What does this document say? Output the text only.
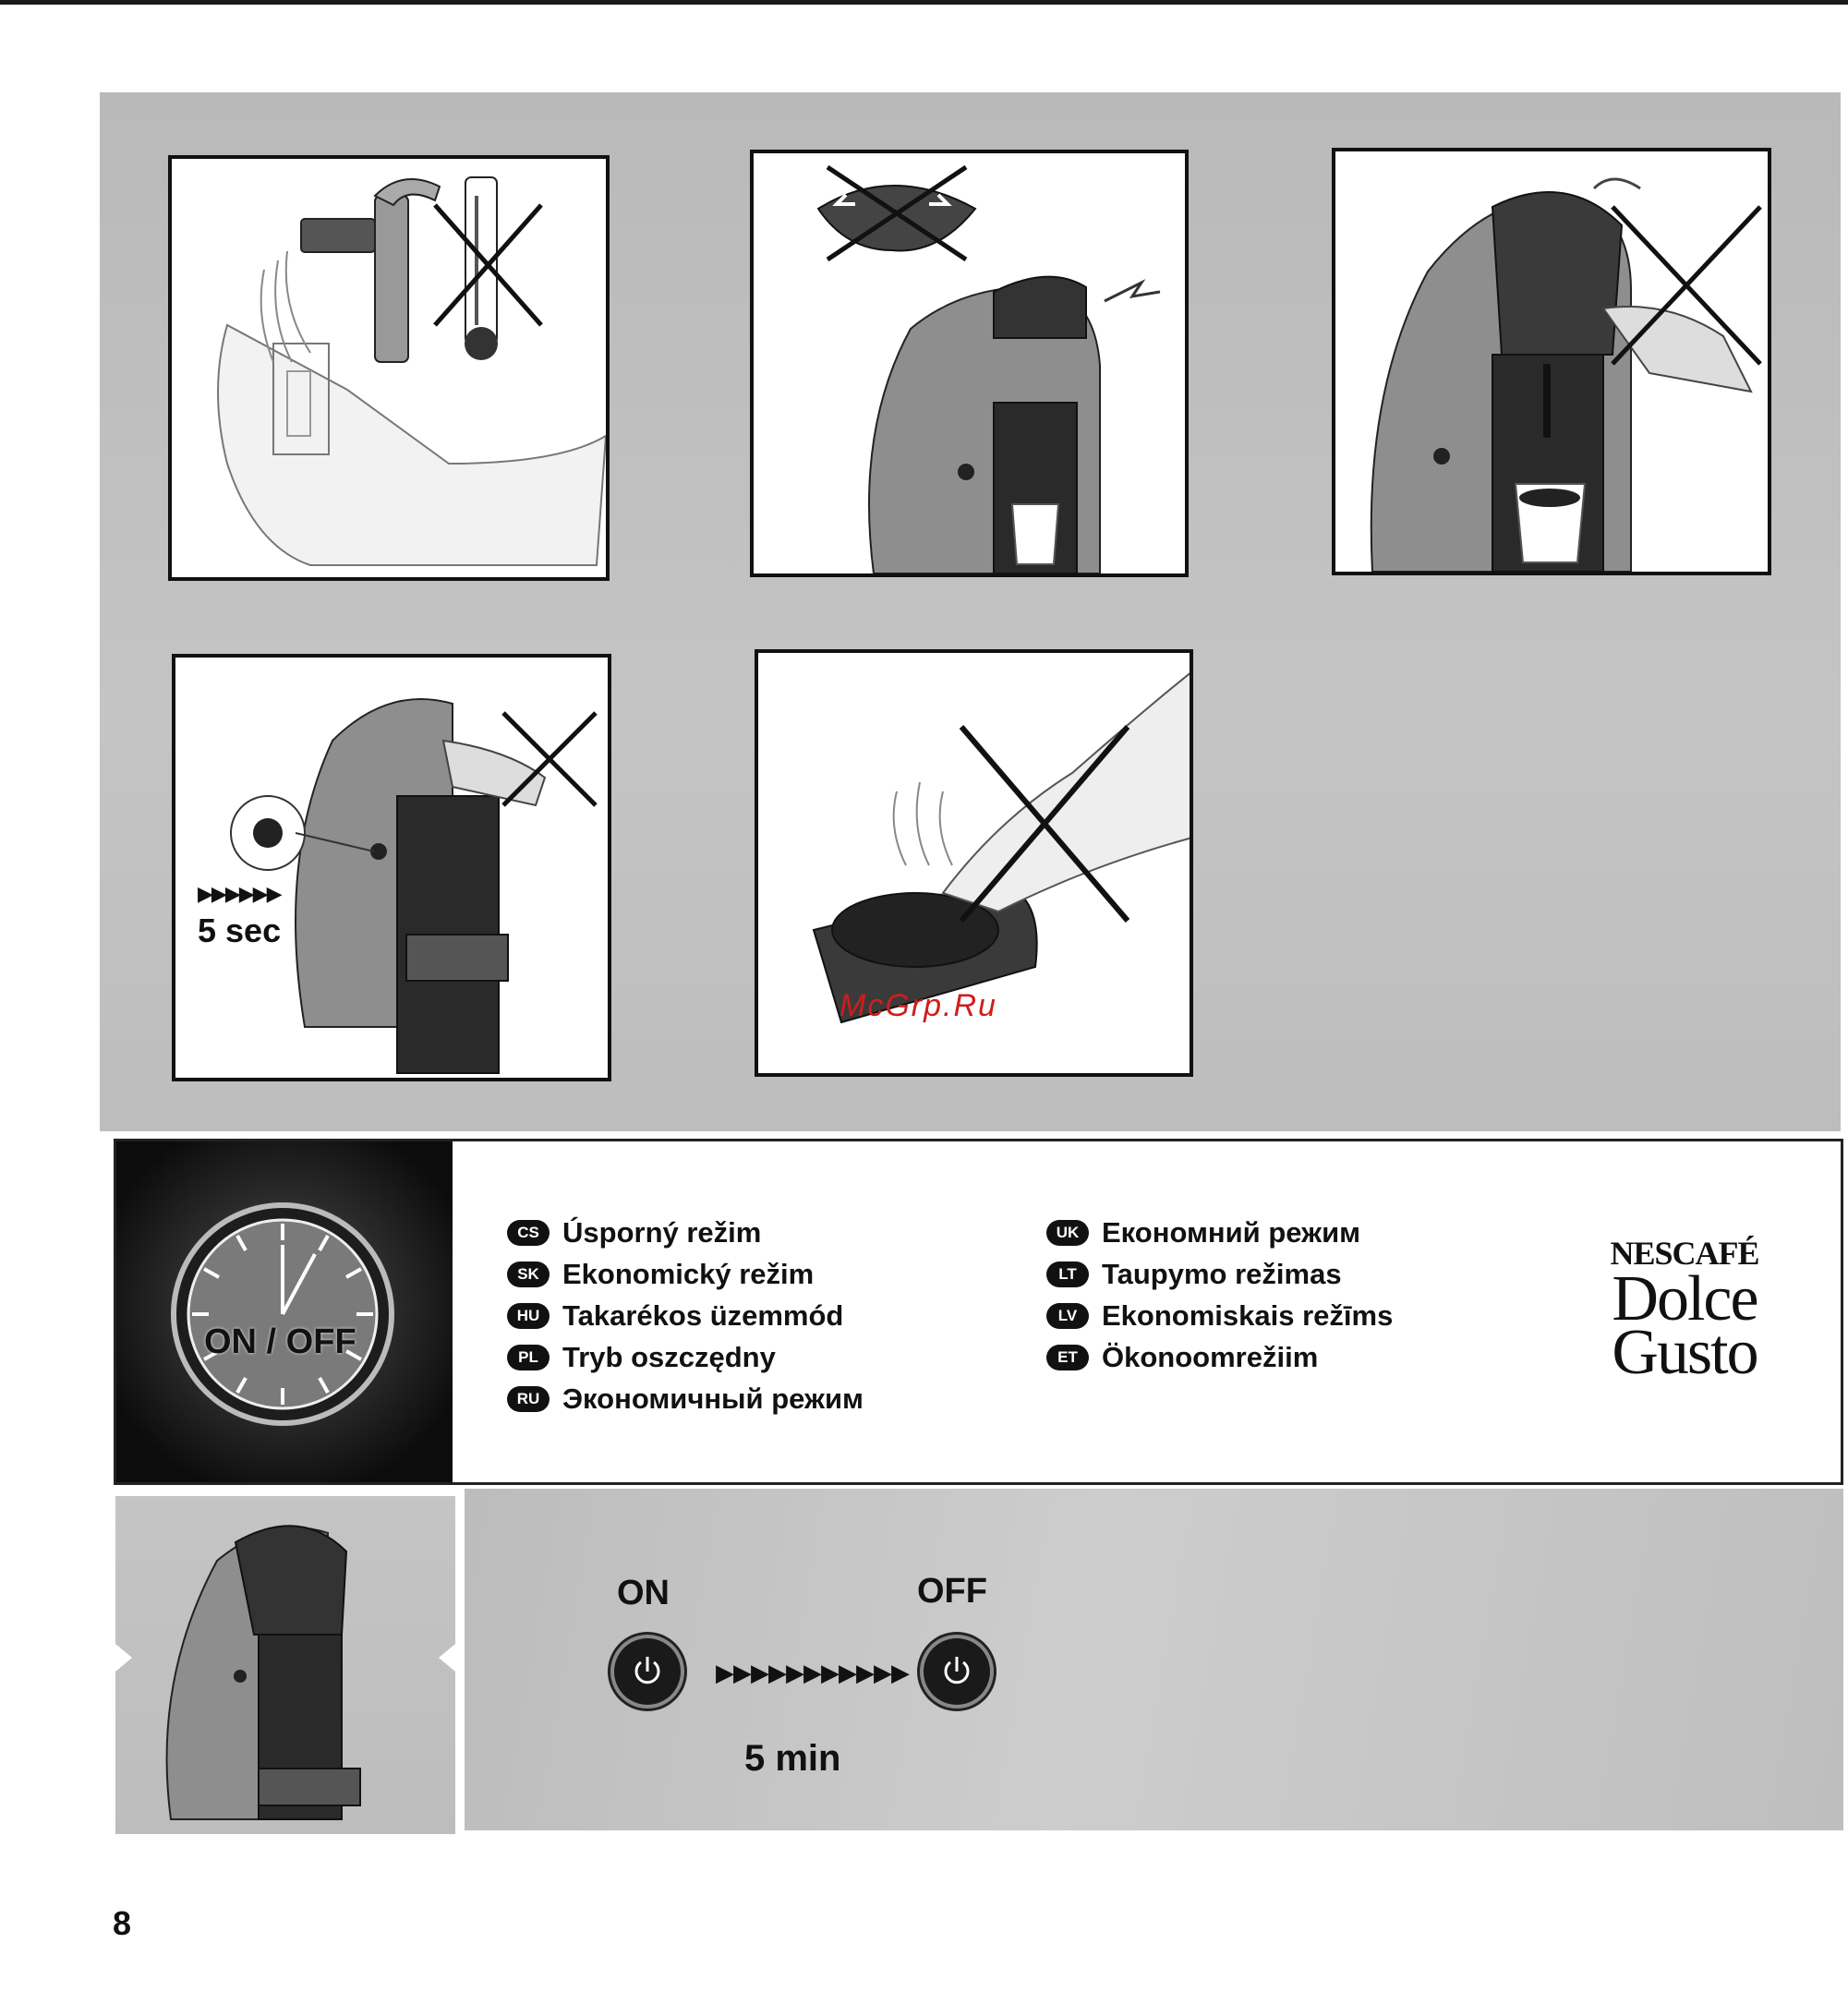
▶▶▶▶▶▶
5 sec
McGrp.Ru
ON / OFF
CS Úsporný režim
SK Ekonomický režim
HU Takarékos üzemmód
PL Tryb oszczędny
RU Экономичный режим
UK Економний режим
LT Taupymo režimas
LV Ekonomiskais režīms
ET Ökonoomrežiim
NESCAFÉ
Dolce
Gusto
ON
▶▶▶▶▶▶▶▶▶▶▶
OFF
5 min
8
